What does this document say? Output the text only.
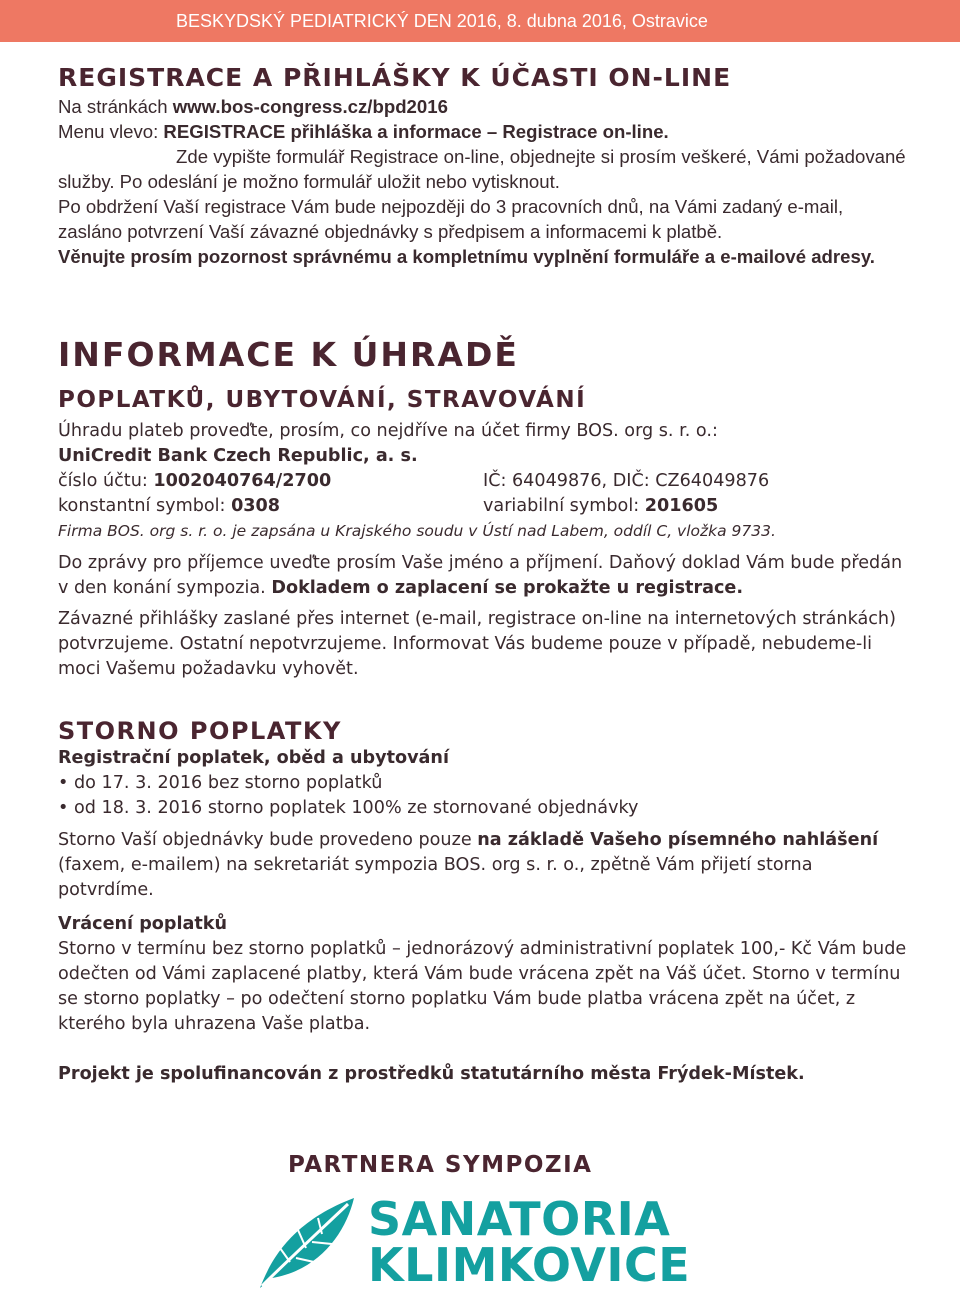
BESKYDSKÝ PEDIATRICKÝ DEN 2016, 8. dubna 2016, Ostravice
REGISTRACE A PŘIHLÁŠKY K ÚČASTI ON-LINE

Na stránkách www.bos-congress.cz/bpd2016

Menu vlevo: REGISTRACE přihláška a informace – Registrace on-line.

Zde vypište formulář Registrace on-line, objednejte si prosím veškeré, Vámi požadované služby. Po odeslání je možno formulář uložit nebo vytisknout.

Po obdržení Vaší registrace Vám bude nejpozději do 3 pracovních dnů, na Vámi zadaný e-mail, zasláno potvrzení Vaší závazné objednávky s předpisem a informacemi k platbě.

Věnujte prosím pozornost správnému a kompletnímu vyplnění formuláře a e-mailové adresy.

INFORMACE K ÚHRADĚ
POPLATKŮ, UBYTOVÁNÍ, STRAVOVÁNÍ

Úhradu plateb proveďte, prosím, co nejdříve na účet firmy BOS. org s. r. o.:

UniCredit Bank Czech Republic, a. s.

číslo účtu: 1002040764/2700	IČ: 64049876, DIČ: CZ64049876
konstantní symbol: 0308	variabilní symbol: 201605

Firma BOS. org s. r. o. je zapsána u Krajského soudu v Ústí nad Labem, oddíl C, vložka 9733.

Do zprávy pro příjemce uveďte prosím Vaše jméno a příjmení. Daňový doklad Vám bude předán v den konání sympozia. Dokladem o zaplacení se prokažte u registrace.

Závazné přihlášky zaslané přes internet (e-mail, registrace on-line na internetových stránkách) potvrzujeme. Ostatní nepotvrzujeme. Informovat Vás budeme pouze v případě, nebudeme-li moci Vašemu požadavku vyhovět.

STORNO POPLATKY

Registrační poplatek, oběd a ubytování

• do 17. 3. 2016 bez storno poplatků
• od 18. 3. 2016 storno poplatek 100% ze stornované objednávky

Storno Vaší objednávky bude provedeno pouze na základě Vašeho písemného nahlášení (faxem, e-mailem) na sekretariát sympozia BOS. org s. r. o., zpětně Vám přijetí storna potvrdíme.

Vrácení poplatků

Storno v termínu bez storno poplatků – jednorázový administrativní poplatek 100,- Kč Vám bude odečten od Vámi zaplacené platby, která Vám bude vrácena zpět na Váš účet. Storno v termínu se storno poplatky – po odečtení storno poplatku Vám bude platba vrácena zpět na účet, z kterého byla uhrazena Vaše platba.

Projekt je spolufinancován z prostředků statutárního města Frýdek-Místek.

PARTNERA SYMPOZIA
SANATORIA
KLIMKOVICE
